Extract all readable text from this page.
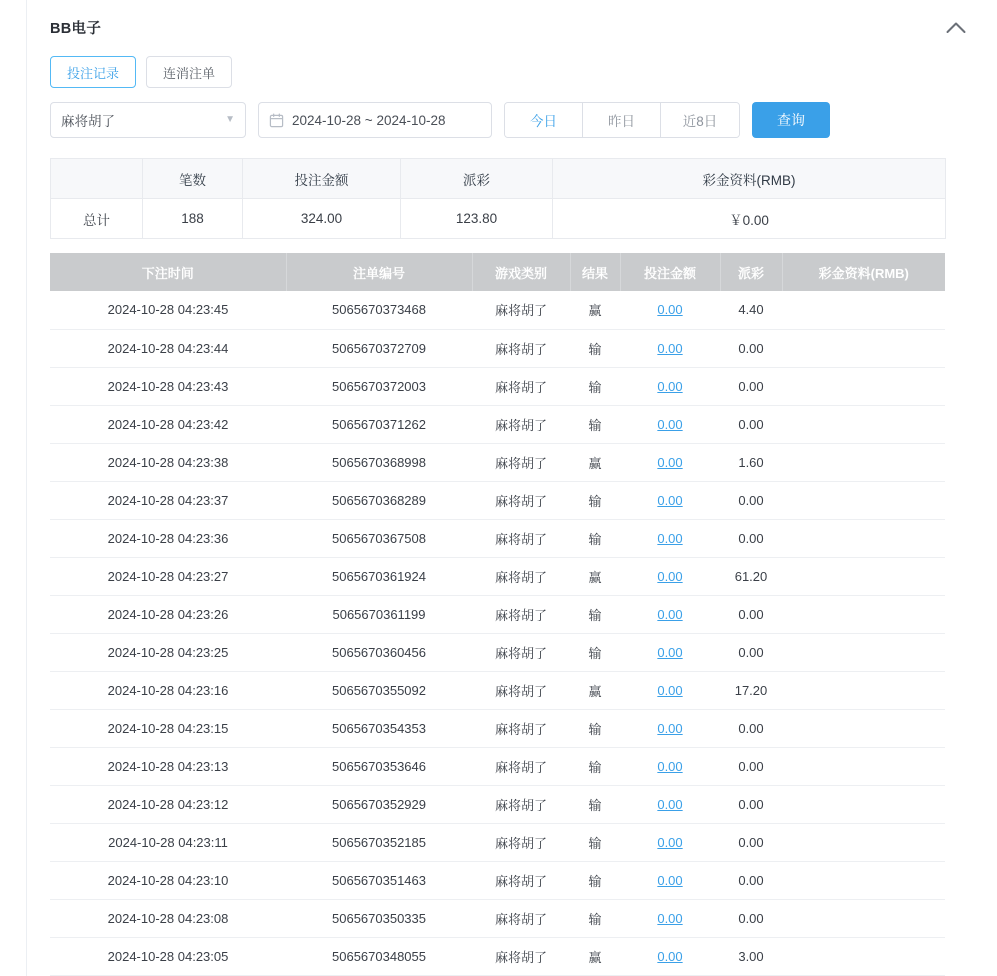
BB电子
投注记录	连消注单
麻将胡了	▼	2024-10-28 ~ 2024-10-28	今日	昨日	近8日	查询
	笔数	投注金额	派彩	彩金资料(RMB)
总计	188	324.00	123.80	￥0.00
下注时间	注单编号	游戏类别	结果	投注金额	派彩	彩金资料(RMB)
2024-10-28 04:23:45	5065670373468	麻将胡了	赢	0.00	4.40	
2024-10-28 04:23:44	5065670372709	麻将胡了	输	0.00	0.00	
2024-10-28 04:23:43	5065670372003	麻将胡了	输	0.00	0.00	
2024-10-28 04:23:42	5065670371262	麻将胡了	输	0.00	0.00	
2024-10-28 04:23:38	5065670368998	麻将胡了	赢	0.00	1.60	
2024-10-28 04:23:37	5065670368289	麻将胡了	输	0.00	0.00	
2024-10-28 04:23:36	5065670367508	麻将胡了	输	0.00	0.00	
2024-10-28 04:23:27	5065670361924	麻将胡了	赢	0.00	61.20	
2024-10-28 04:23:26	5065670361199	麻将胡了	输	0.00	0.00	
2024-10-28 04:23:25	5065670360456	麻将胡了	输	0.00	0.00	
2024-10-28 04:23:16	5065670355092	麻将胡了	赢	0.00	17.20	
2024-10-28 04:23:15	5065670354353	麻将胡了	输	0.00	0.00	
2024-10-28 04:23:13	5065670353646	麻将胡了	输	0.00	0.00	
2024-10-28 04:23:12	5065670352929	麻将胡了	输	0.00	0.00	
2024-10-28 04:23:11	5065670352185	麻将胡了	输	0.00	0.00	
2024-10-28 04:23:10	5065670351463	麻将胡了	输	0.00	0.00	
2024-10-28 04:23:08	5065670350335	麻将胡了	输	0.00	0.00	
2024-10-28 04:23:05	5065670348055	麻将胡了	赢	0.00	3.00	
